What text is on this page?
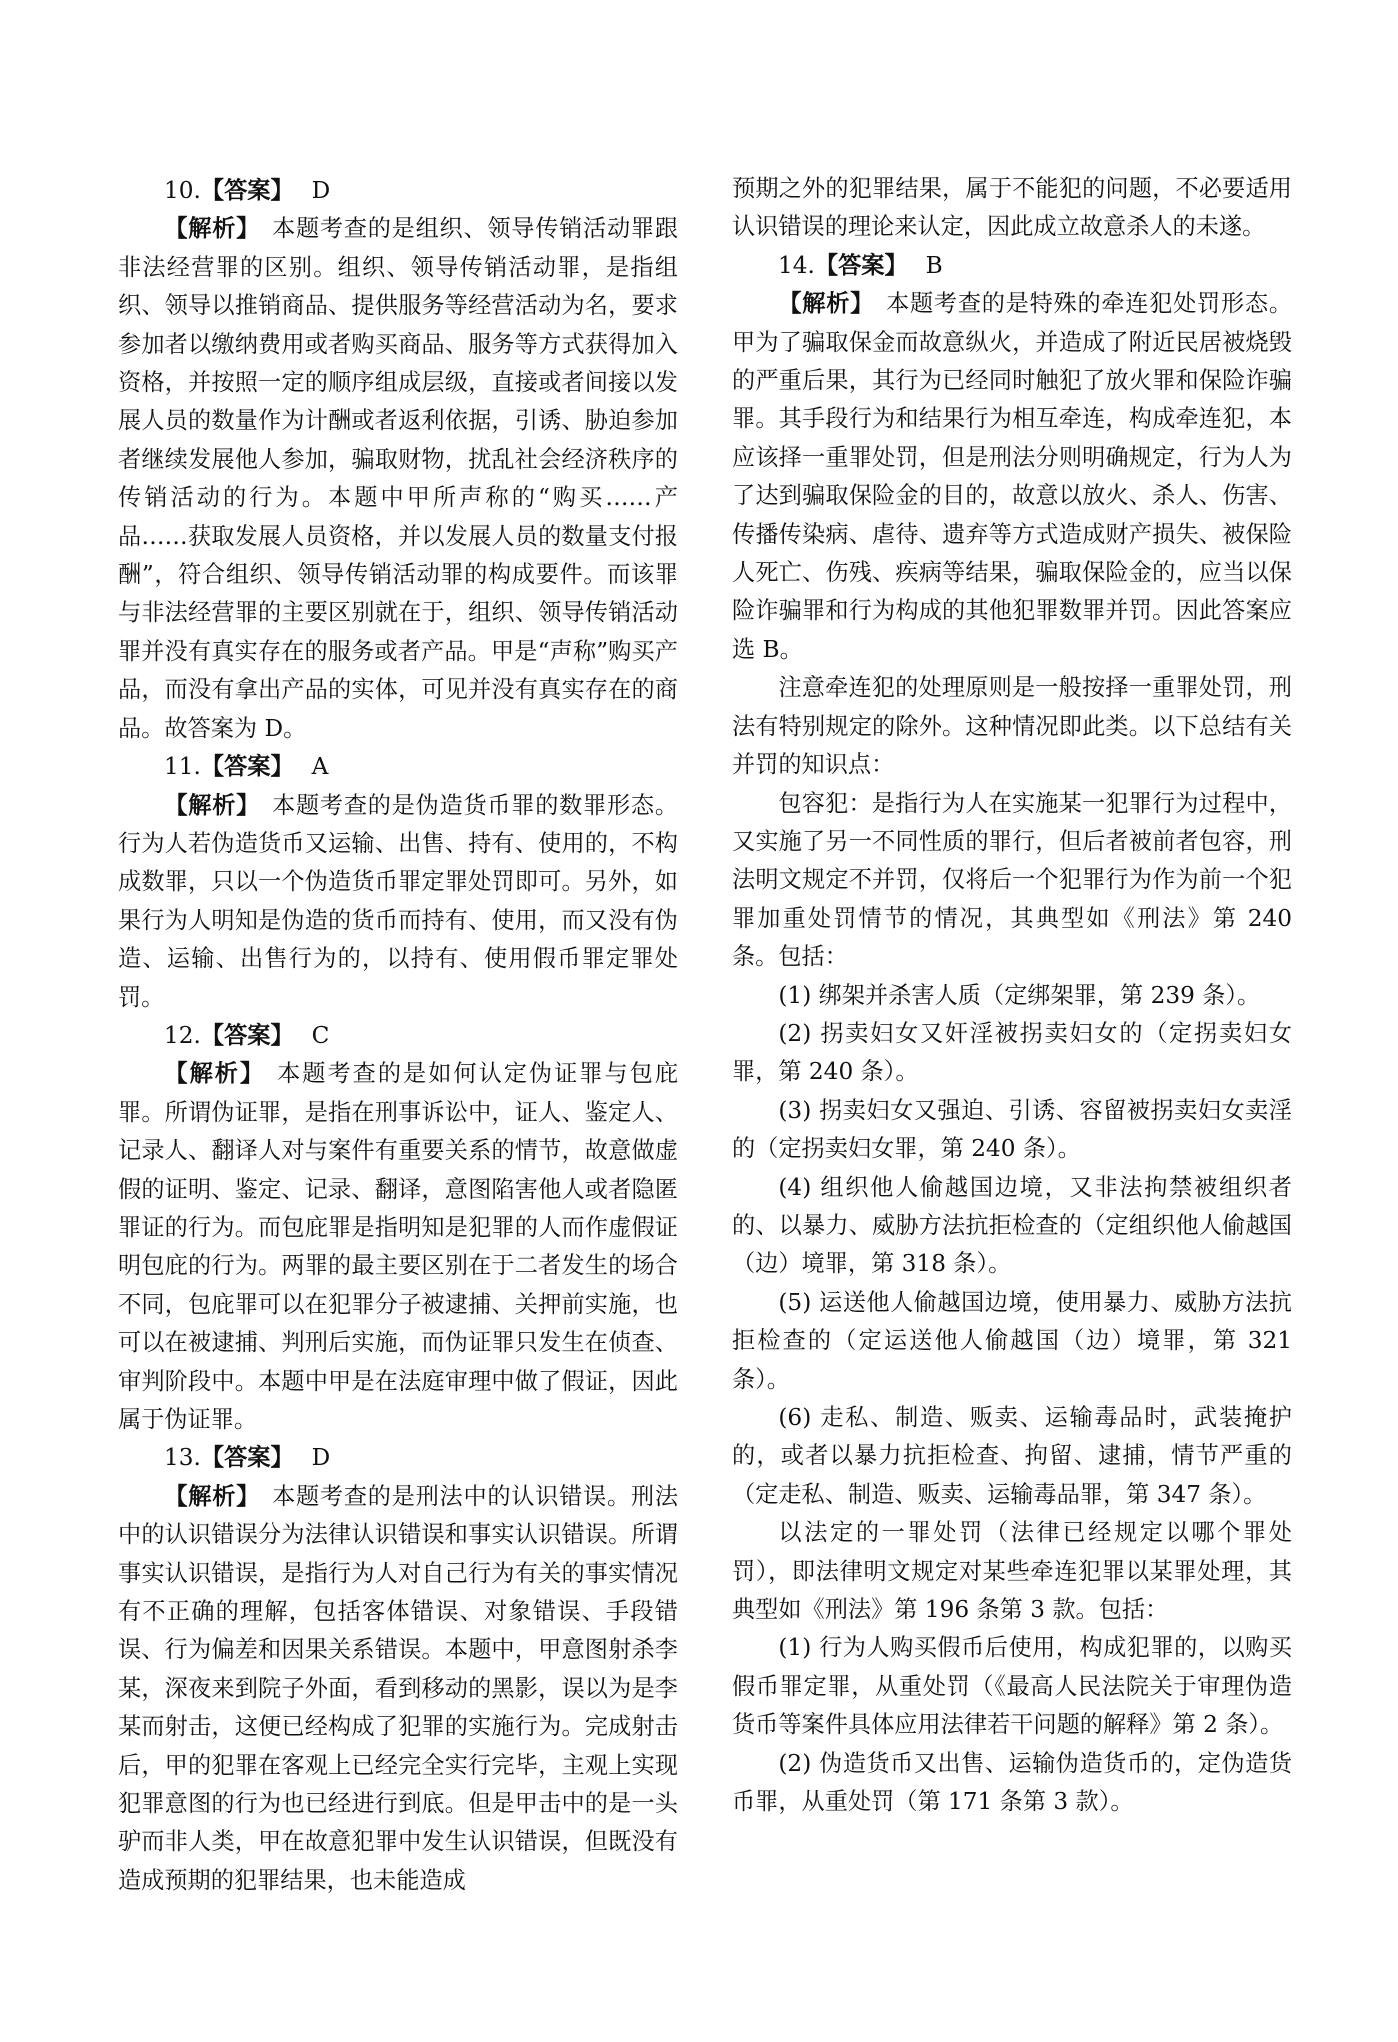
10.【答案】 D

【解析】 本题考查的是组织、领导传销活动罪跟非法经营罪的区别。组织、领导传销活动罪，是指组织、领导以推销商品、提供服务等经营活动为名，要求参加者以缴纳费用或者购买商品、服务等方式获得加入资格，并按照一定的顺序组成层级，直接或者间接以发展人员的数量作为计酬或者返利依据，引诱、胁迫参加者继续发展他人参加，骗取财物，扰乱社会经济秩序的传销活动的行为。本题中甲所声称的“购买……产品……获取发展人员资格，并以发展人员的数量支付报酬”，符合组织、领导传销活动罪的构成要件。而该罪与非法经营罪的主要区别就在于，组织、领导传销活动罪并没有真实存在的服务或者产品。甲是“声称”购买产品，而没有拿出产品的实体，可见并没有真实存在的商品。故答案为 D。

11.【答案】 A

【解析】 本题考查的是伪造货币罪的数罪形态。行为人若伪造货币又运输、出售、持有、使用的，不构成数罪，只以一个伪造货币罪定罪处罚即可。另外，如果行为人明知是伪造的货币而持有、使用，而又没有伪造、运输、出售行为的，以持有、使用假币罪定罪处罚。

12.【答案】 C

【解析】 本题考查的是如何认定伪证罪与包庇罪。所谓伪证罪，是指在刑事诉讼中，证人、鉴定人、记录人、翻译人对与案件有重要关系的情节，故意做虚假的证明、鉴定、记录、翻译，意图陷害他人或者隐匿罪证的行为。而包庇罪是指明知是犯罪的人而作虚假证明包庇的行为。两罪的最主要区别在于二者发生的场合不同，包庇罪可以在犯罪分子被逮捕、关押前实施，也可以在被逮捕、判刑后实施，而伪证罪只发生在侦查、审判阶段中。本题中甲是在法庭审理中做了假证，因此属于伪证罪。

13.【答案】 D

【解析】 本题考查的是刑法中的认识错误。刑法中的认识错误分为法律认识错误和事实认识错误。所谓事实认识错误，是指行为人对自己行为有关的事实情况有不正确的理解，包括客体错误、对象错误、手段错误、行为偏差和因果关系错误。本题中，甲意图射杀李某，深夜来到院子外面，看到移动的黑影，误以为是李某而射击，这便已经构成了犯罪的实施行为。完成射击后，甲的犯罪在客观上已经完全实行完毕，主观上实现犯罪意图的行为也已经进行到底。但是甲击中的是一头驴而非人类，甲在故意犯罪中发生认识错误，但既没有造成预期的犯罪结果，也未能造成

预期之外的犯罪结果，属于不能犯的问题，不必要适用认识错误的理论来认定，因此成立故意杀人的未遂。

14.【答案】 B

【解析】 本题考查的是特殊的牵连犯处罚形态。甲为了骗取保金而故意纵火，并造成了附近民居被烧毁的严重后果，其行为已经同时触犯了放火罪和保险诈骗罪。其手段行为和结果行为相互牵连，构成牵连犯，本应该择一重罪处罚，但是刑法分则明确规定，行为人为了达到骗取保险金的目的，故意以放火、杀人、伤害、传播传染病、虐待、遗弃等方式造成财产损失、被保险人死亡、伤残、疾病等结果，骗取保险金的，应当以保险诈骗罪和行为构成的其他犯罪数罪并罚。因此答案应选 B。

注意牵连犯的处理原则是一般按择一重罪处罚，刑法有特别规定的除外。这种情况即此类。以下总结有关并罚的知识点：

包容犯：是指行为人在实施某一犯罪行为过程中，又实施了另一不同性质的罪行，但后者被前者包容，刑法明文规定不并罚，仅将后一个犯罪行为作为前一个犯罪加重处罚情节的情况，其典型如《刑法》第 240 条。包括：

(1) 绑架并杀害人质（定绑架罪，第 239 条）。

(2) 拐卖妇女又奸淫被拐卖妇女的（定拐卖妇女罪，第 240 条）。

(3) 拐卖妇女又强迫、引诱、容留被拐卖妇女卖淫的（定拐卖妇女罪，第 240 条）。

(4) 组织他人偷越国边境，又非法拘禁被组织者的、以暴力、威胁方法抗拒检查的（定组织他人偷越国（边）境罪，第 318 条）。

(5) 运送他人偷越国边境，使用暴力、威胁方法抗拒检查的（定运送他人偷越国（边）境罪，第 321 条）。

(6) 走私、制造、贩卖、运输毒品时，武装掩护的，或者以暴力抗拒检查、拘留、逮捕，情节严重的（定走私、制造、贩卖、运输毒品罪，第 347 条）。

以法定的一罪处罚（法律已经规定以哪个罪处罚），即法律明文规定对某些牵连犯罪以某罪处理，其典型如《刑法》第 196 条第 3 款。包括：

(1) 行为人购买假币后使用，构成犯罪的，以购买假币罪定罪，从重处罚（《最高人民法院关于审理伪造货币等案件具体应用法律若干问题的解释》第 2 条）。

(2) 伪造货币又出售、运输伪造货币的，定伪造货币罪，从重处罚（第 171 条第 3 款）。
